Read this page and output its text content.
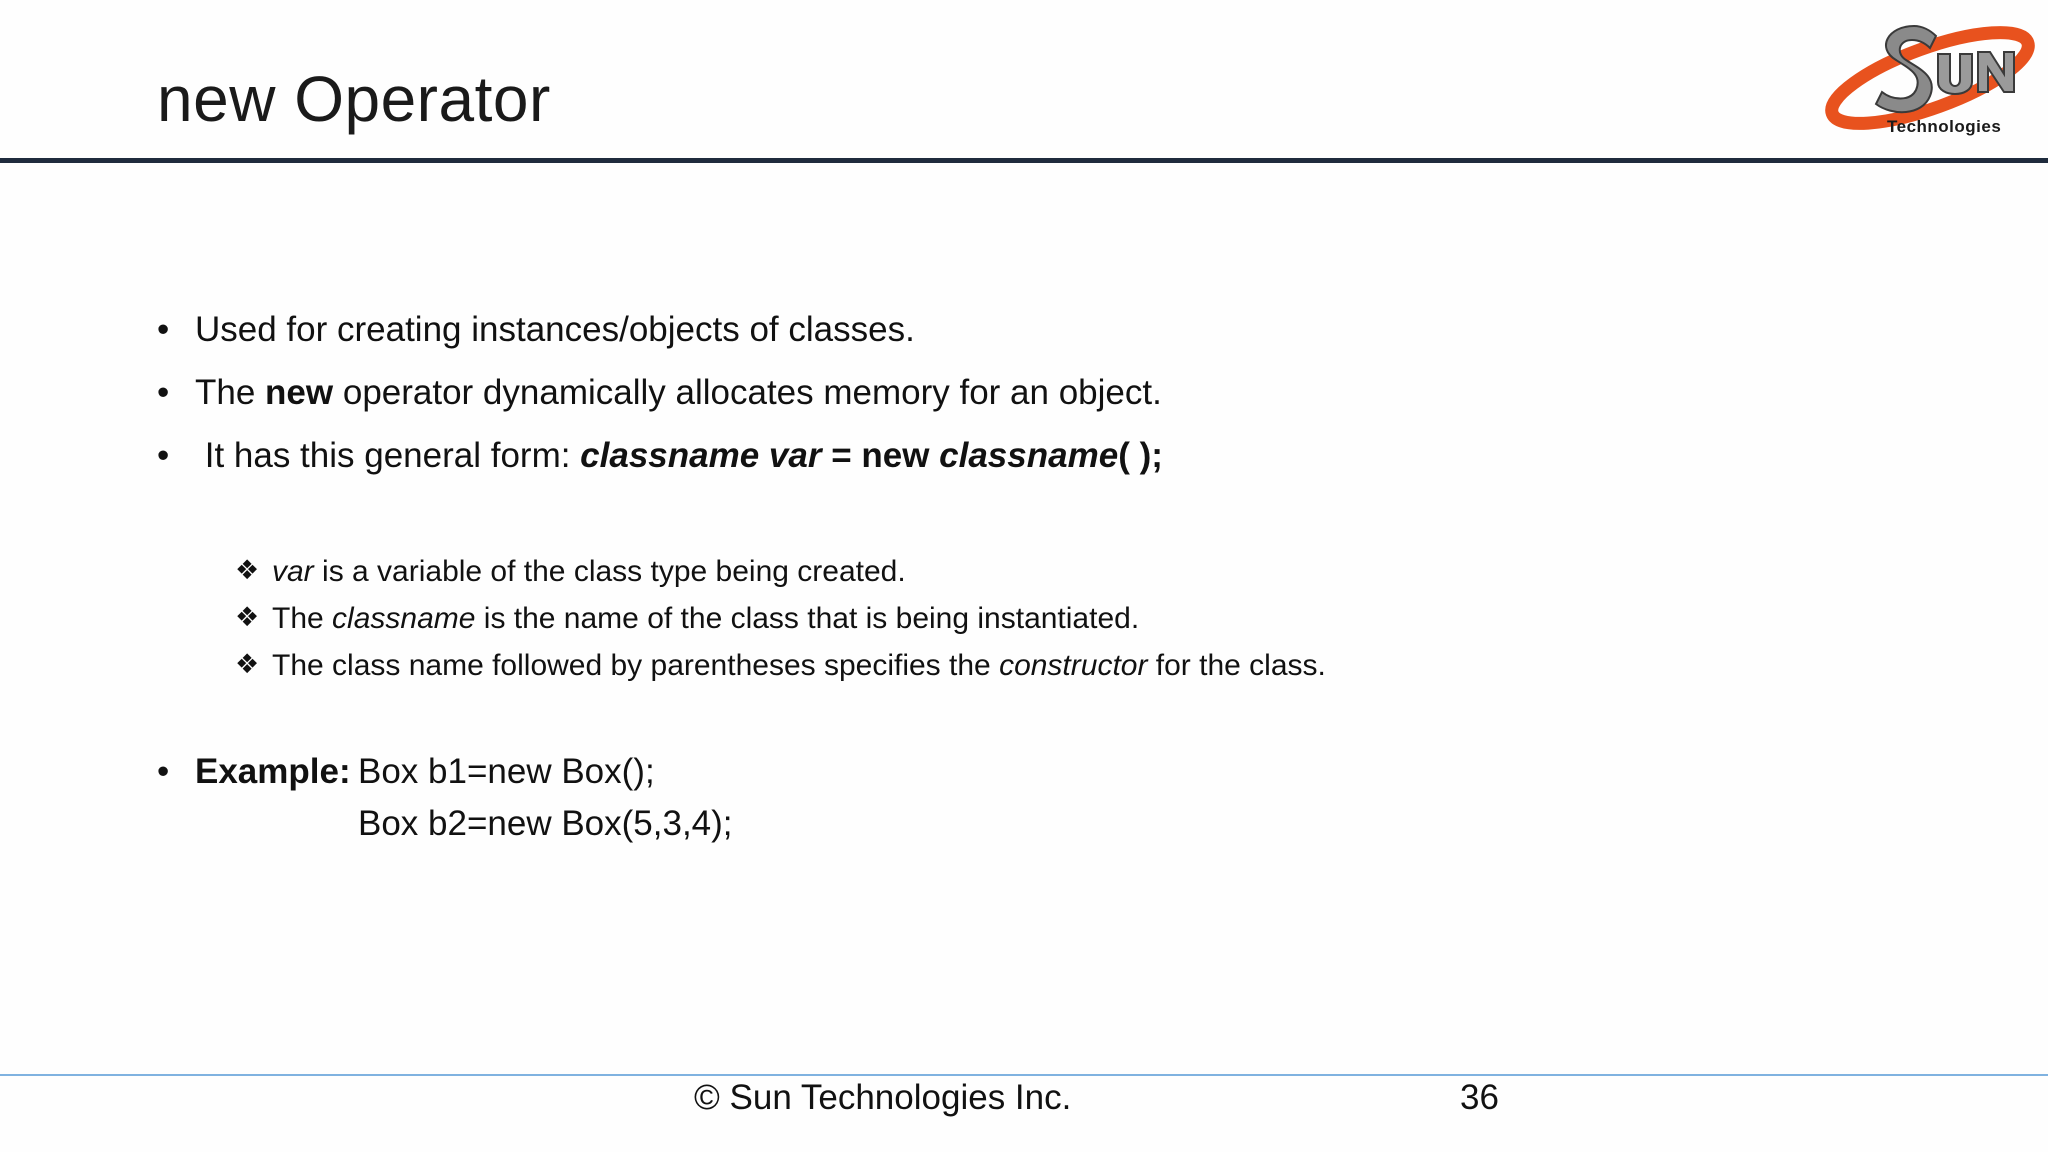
new Operator	Technologies
• Used for creating instances/objects of classes.
• The new operator dynamically allocates memory for an object.
• It has this general form: classname var = new classname( );
❖ var is a variable of the class type being created.
❖ The classname is the name of the class that is being instantiated.
❖ The class name followed by parentheses specifies the constructor for the class.
• Example: Box b1=new Box();
Box b2=new Box(5,3,4);
© Sun Technologies Inc.	36
